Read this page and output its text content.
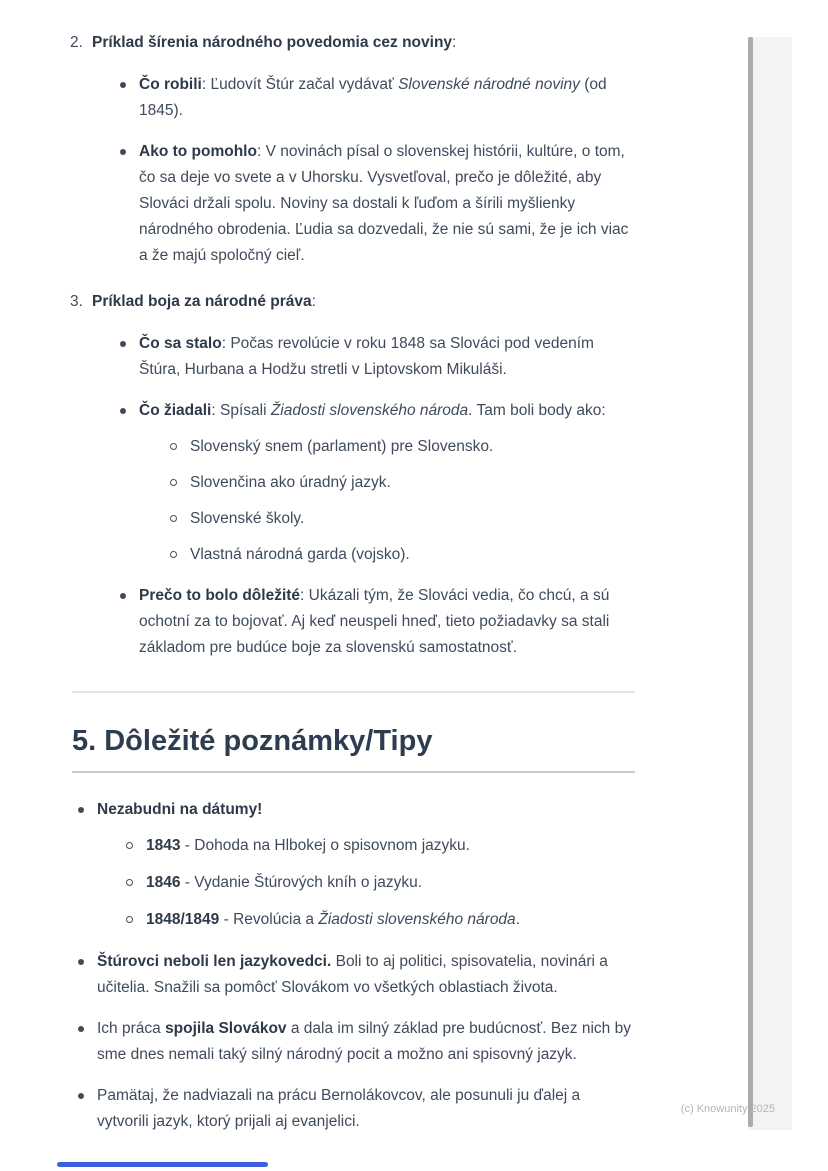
2. Príklad šírenia národného povedomia cez noviny:
Čo robili: Ľudovít Štúr začal vydávať Slovenské národné noviny (od 1845).
Ako to pomohlo: V novinách písal o slovenskej histórii, kultúre, o tom, čo sa deje vo svete a v Uhorsku. Vysvetľoval, prečo je dôležité, aby Slováci držali spolu. Noviny sa dostali k ľuďom a šírili myšlienky národného obrodenia. Ľudia sa dozvedali, že nie sú sami, že je ich viac a že majú spoločný cieľ.
3. Príklad boja za národné práva:
Čo sa stalo: Počas revolúcie v roku 1848 sa Slováci pod vedením Štúra, Hurbana a Hodžu stretli v Liptovskom Mikuláši.
Čo žiadali: Spísali Žiadosti slovenského národa. Tam boli body ako:
Slovenský snem (parlament) pre Slovensko.
Slovenčina ako úradný jazyk.
Slovenské školy.
Vlastná národná garda (vojsko).
Prečo to bolo dôležité: Ukázali tým, že Slováci vedia, čo chcú, a sú ochotní za to bojovať. Aj keď neuspeli hneď, tieto požiadavky sa stali základom pre budúce boje za slovenskú samostatnosť.
5. Dôležité poznámky/Tipy
Nezabudni na dátumy!
1843 - Dohoda na Hlbokej o spisovnom jazyku.
1846 - Vydanie Štúrových kníh o jazyku.
1848/1849 - Revolúcia a Žiadosti slovenského národa.
Štúrovci neboli len jazykovedci. Boli to aj politici, spisovatelia, novinári a učitelia. Snažili sa pomôcť Slovákom vo všetkých oblastiach života.
Ich práca spojila Slovákov a dala im silný základ pre budúcnosť. Bez nich by sme dnes nemali taký silný národný pocit a možno ani spisovný jazyk.
Pamätaj, že nadviazali na prácu Bernolákovcov, ale posunuli ju ďalej a vytvorili jazyk, ktorý prijali aj evanjelici.
(c) Knowunity 2025
